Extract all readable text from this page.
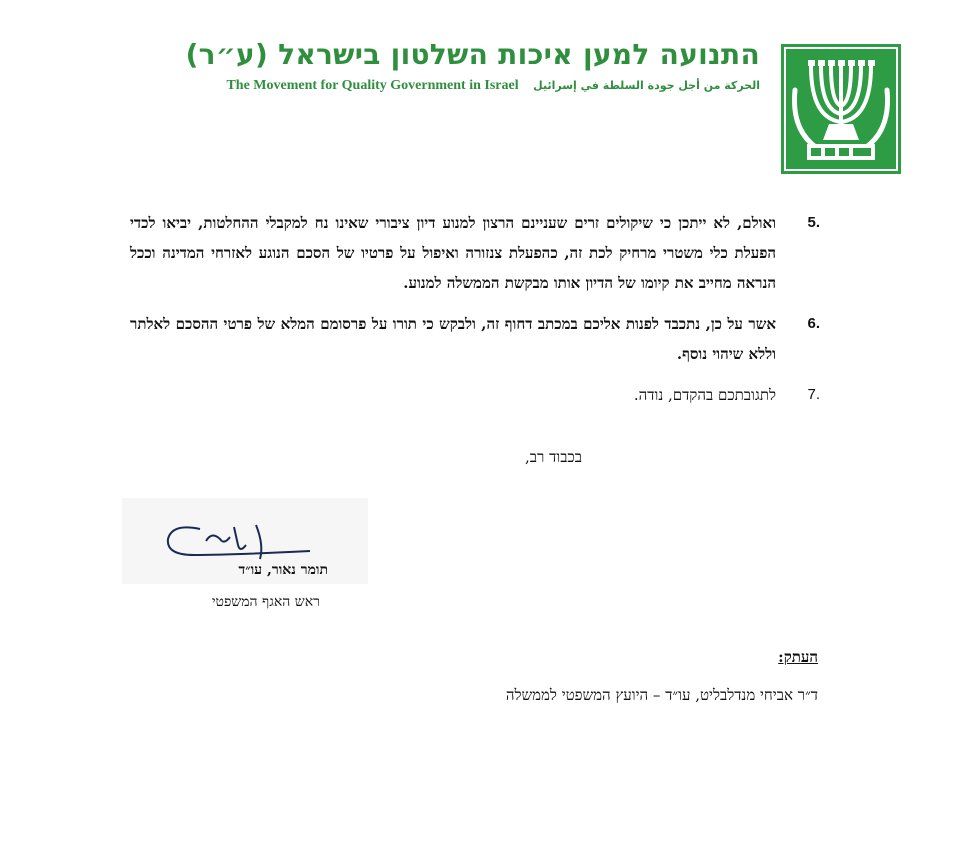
התנועה למען איכות השלטון בישראל (ע״ר)
الحركة من أجل جودة السلطة في إسرائيل The Movement for Quality Government in Israel
5.
ואולם, לא ייתכן כי שיקולים זרים שעניינם הרצון למנוע דיון ציבורי שאינו נח למקבלי ההחלטות, יביאו לכדי הפעלת כלי משטרי מרחיק לכת זה, כהפעלת צנזורה ואיפול על פרטיו של הסכם הנוגע לאזרחי המדינה וככל הנראה מחייב את קיומו של הדיון אותו מבקשת הממשלה למנוע.
6.
אשר על כן, נתכבד לפנות אליכם במכתב דחוף זה, ולבקש כי תורו על פרסומם המלא של פרטי ההסכם לאלתר וללא שיהוי נוסף.
7.
לתגובתכם בהקדם, נודה.
בכבוד רב,
תומר נאור, עו״ד
ראש האגף המשפטי
העתק:
ד״ר אביחי מנדלבליט, עו״ד – היועץ המשפטי לממשלה
